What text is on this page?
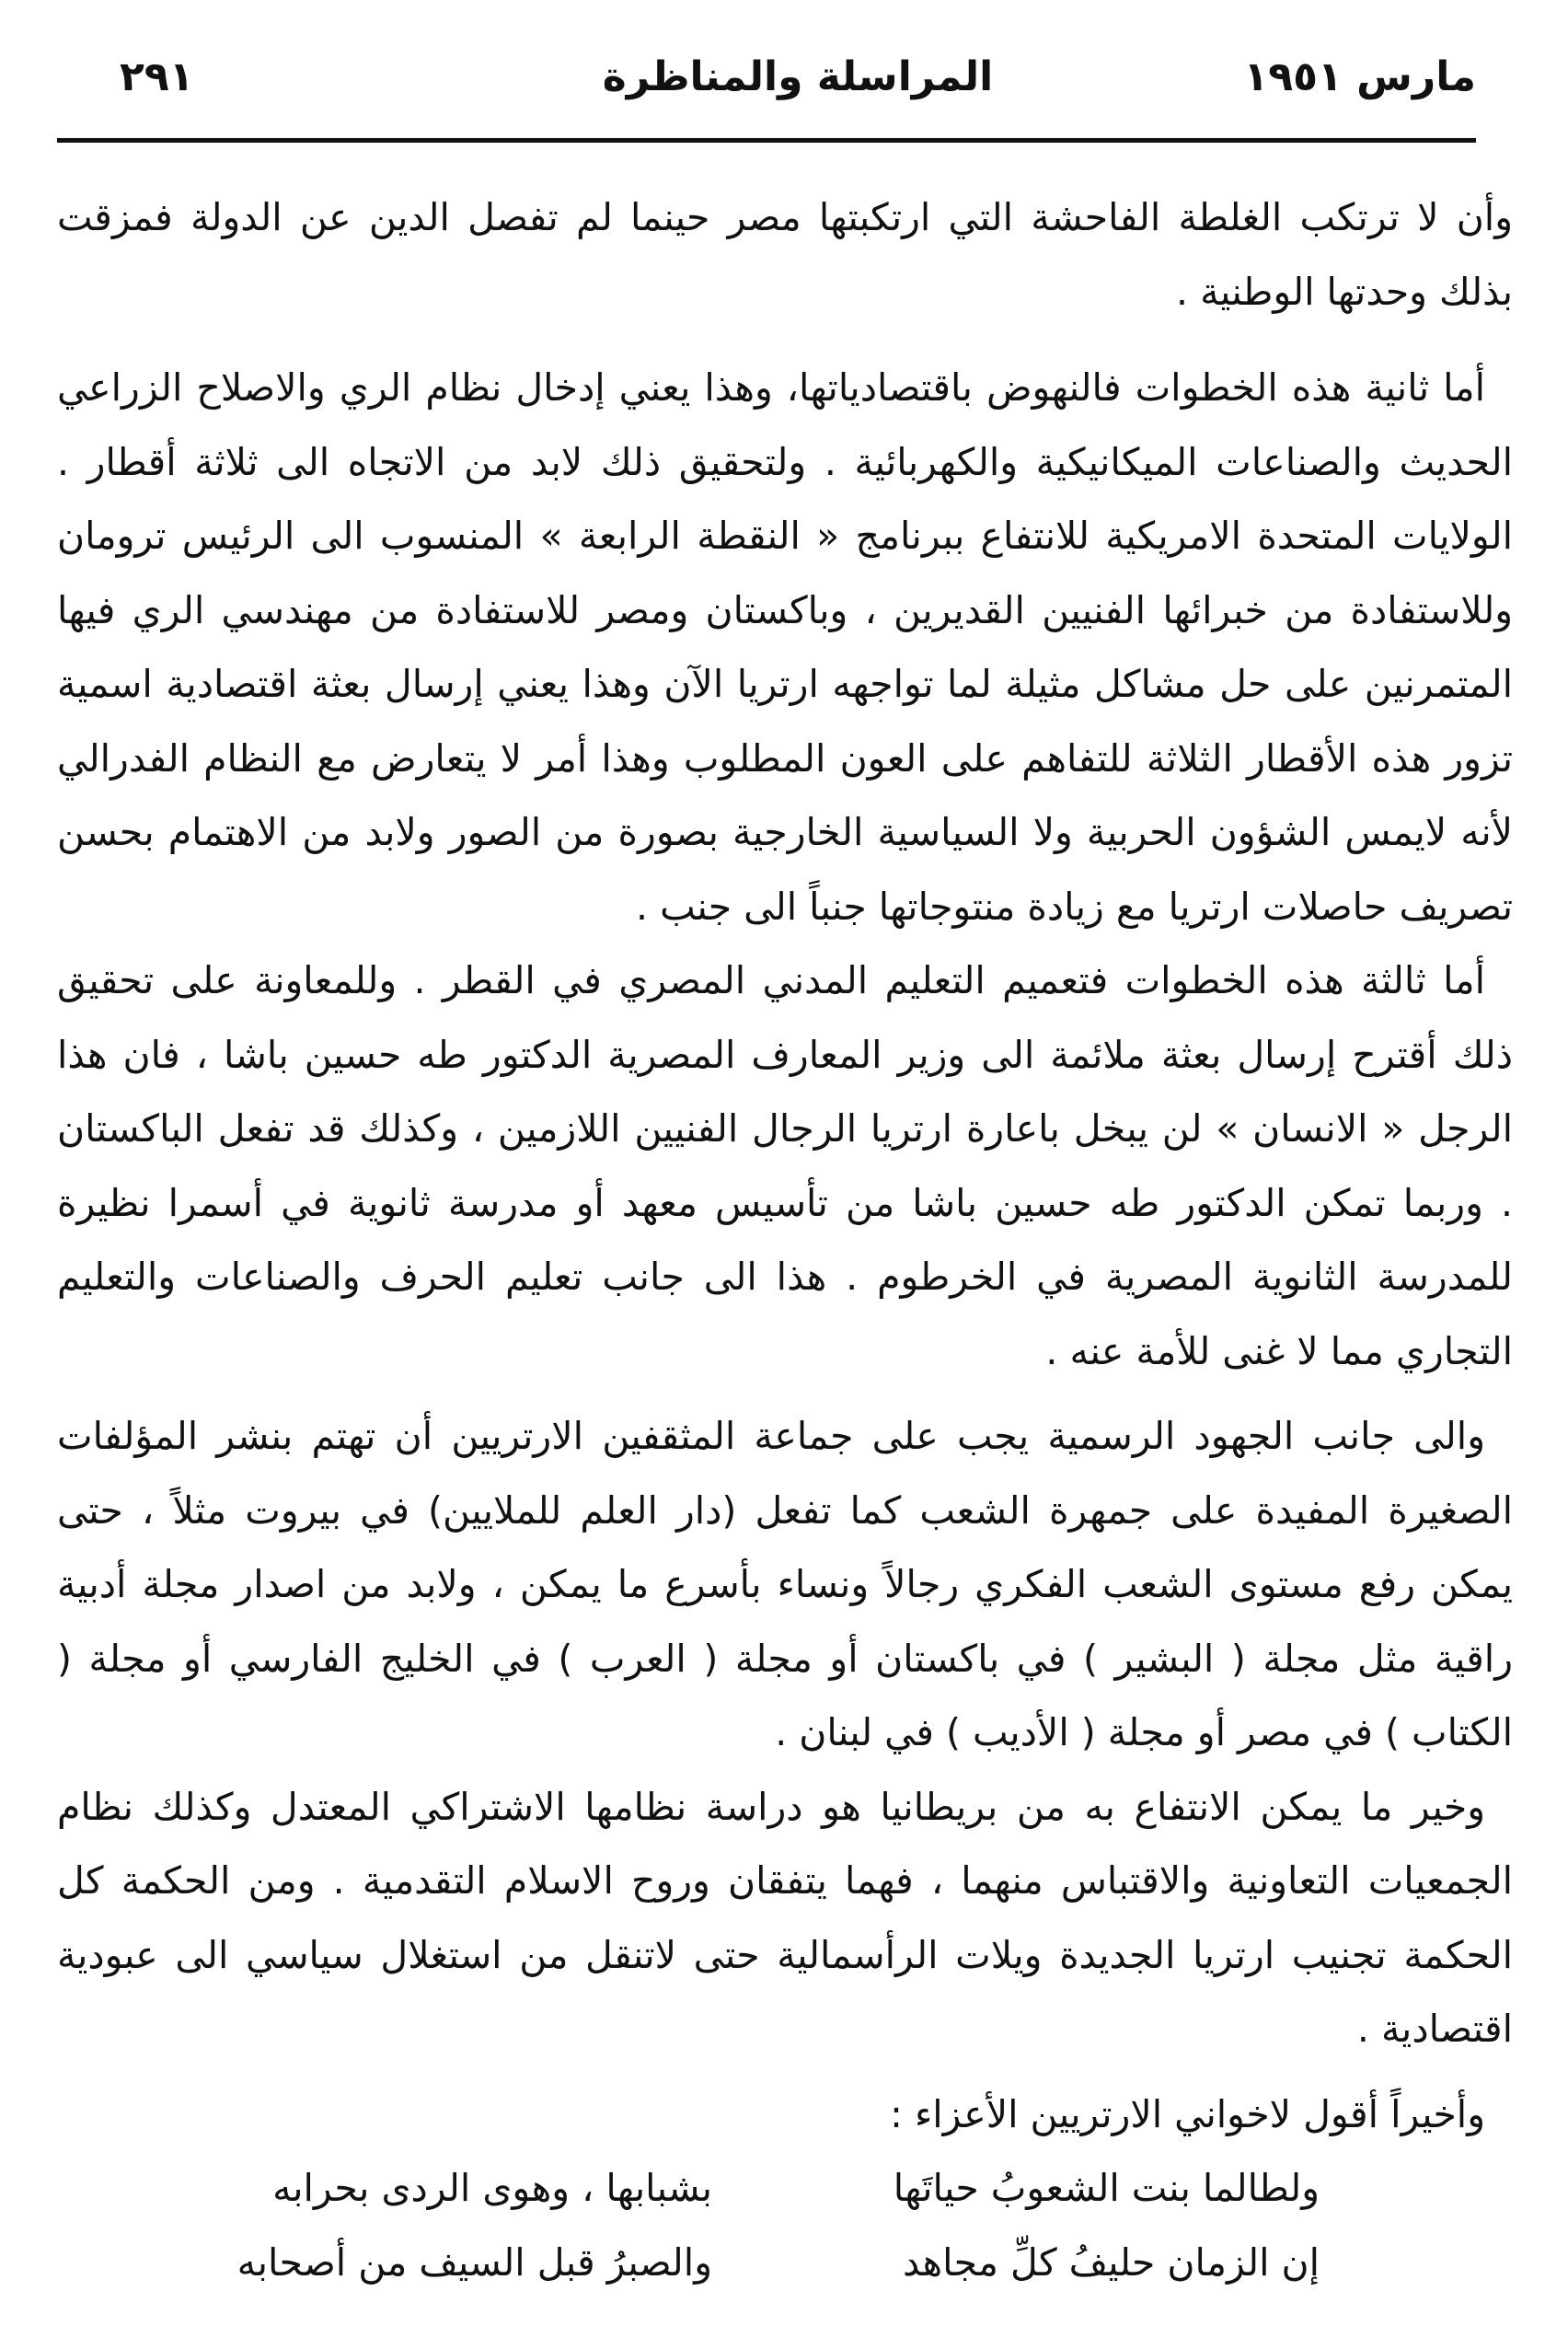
مارس ١٩٥١
المراسلة والمناظرة
٢٩١

وأن لا ترتكب الغلطة الفاحشة التي ارتكبتها مصر حينما لم تفصل الدين عن الدولة فمزقت بذلك وحدتها الوطنية .

أما ثانية هذه الخطوات فالنهوض باقتصادياتها، وهذا يعني إدخال نظام الري والاصلاح الزراعي الحديث والصناعات الميكانيكية والكهربائية . ولتحقيق ذلك لابد من الاتجاه الى ثلاثة أقطار . الولايات المتحدة الامريكية للانتفاع ببرنامج « النقطة الرابعة » المنسوب الى الرئيس ترومان وللاستفادة من خبرائها الفنيين القديرين ، وباكستان ومصر للاستفادة من مهندسي الري فيها المتمرنين على حل مشاكل مثيلة لما تواجهه ارتريا الآن وهذا يعني إرسال بعثة اقتصادية اسمية تزور هذه الأقطار الثلاثة للتفاهم على العون المطلوب وهذا أمر لا يتعارض مع النظام الفدرالي لأنه لايمس الشؤون الحربية ولا السياسية الخارجية بصورة من الصور ولابد من الاهتمام بحسن تصريف حاصلات ارتريا مع زيادة منتوجاتها جنباً الى جنب .

أما ثالثة هذه الخطوات فتعميم التعليم المدني المصري في القطر . وللمعاونة على تحقيق ذلك أقترح إرسال بعثة ملائمة الى وزير المعارف المصرية الدكتور طه حسين باشا ، فان هذا الرجل « الانسان » لن يبخل باعارة ارتريا الرجال الفنيين اللازمين ، وكذلك قد تفعل الباكستان . وربما تمكن الدكتور طه حسين باشا من تأسيس معهد أو مدرسة ثانوية في أسمرا نظيرة للمدرسة الثانوية المصرية في الخرطوم . هذا الى جانب تعليم الحرف والصناعات والتعليم التجاري مما لا غنى للأمة عنه .

والى جانب الجهود الرسمية يجب على جماعة المثقفين الارتريين أن تهتم بنشر المؤلفات الصغيرة المفيدة على جمهرة الشعب كما تفعل (دار العلم للملايين) في بيروت مثلاً ، حتى يمكن رفع مستوى الشعب الفكري رجالاً ونساء بأسرع ما يمكن ، ولابد من اصدار مجلة أدبية راقية مثل مجلة ( البشير ) في باكستان أو مجلة ( العرب ) في الخليج الفارسي أو مجلة ( الكتاب ) في مصر أو مجلة ( الأديب ) في لبنان .

وخير ما يمكن الانتفاع به من بريطانيا هو دراسة نظامها الاشتراكي المعتدل وكذلك نظام الجمعيات التعاونية والاقتباس منهما ، فهما يتفقان وروح الاسلام التقدمية . ومن الحكمة كل الحكمة تجنيب ارتريا الجديدة ويلات الرأسمالية حتى لاتنقل من استغلال سياسي الى عبودية اقتصادية .

وأخيراً أقول لاخواني الارتريين الأعزاء :

ولطالما بنت الشعوبُ حياتَها
بشبابها ، وهوى الردى بحرابه
إن الزمان حليفُ كلِّ مجاهد
والصبرُ قبل السيف من أصحابه
